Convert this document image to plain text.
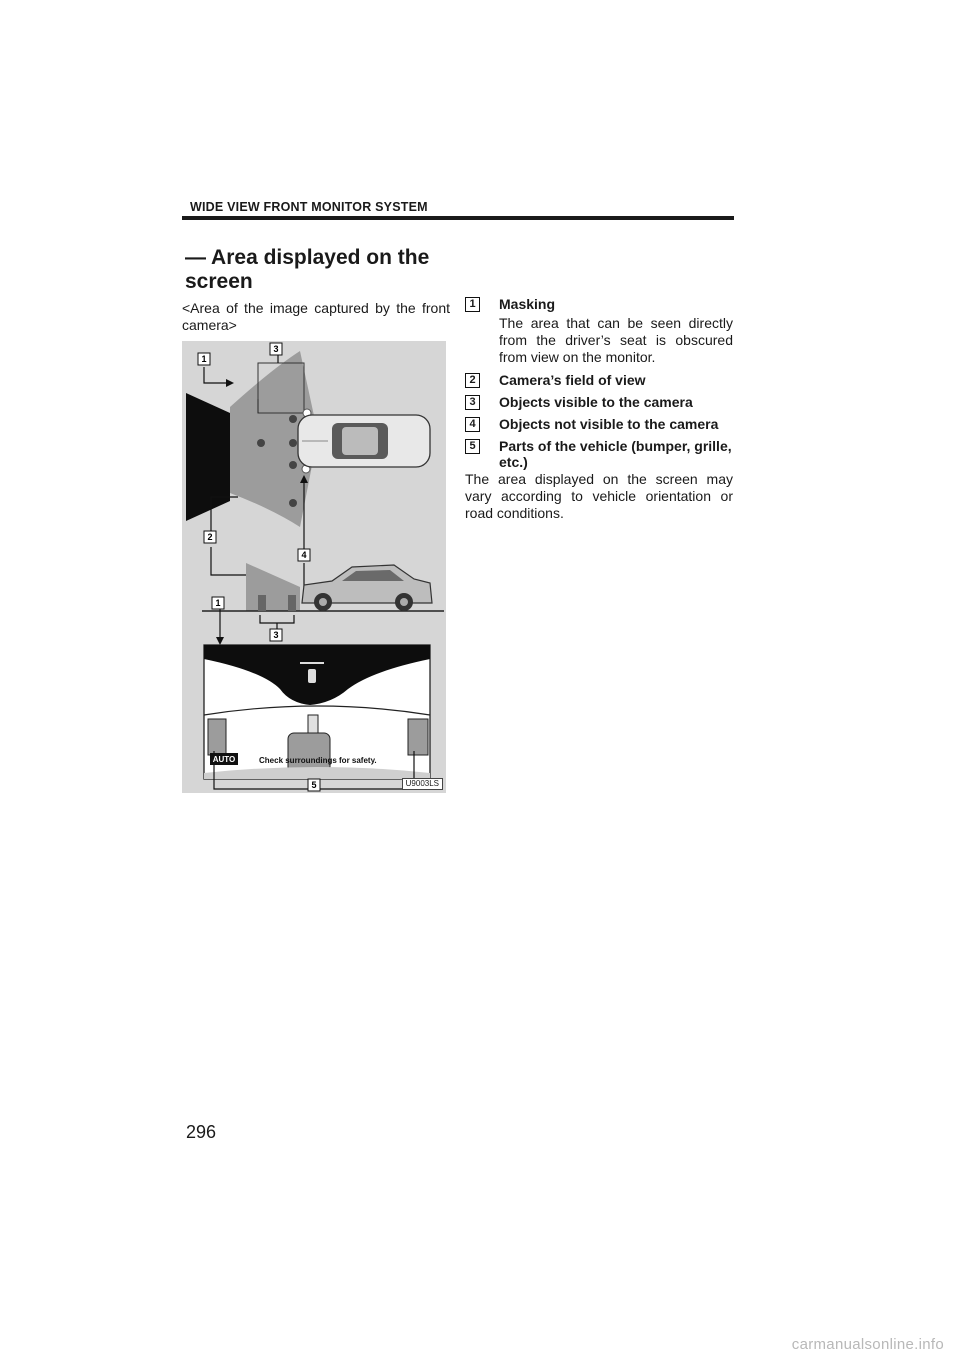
WIDE VIEW FRONT MONITOR SYSTEM
— Area displayed on the screen
<Area of the image captured by the front camera>
AUTO	Check surroundings for safety.
1
3
2
4
1
3
5	U9003LS
1	Masking
The area that can be seen directly from the driver’s seat is obscured from view on the monitor.
2	Camera’s field of view
3	Objects visible to the camera
4	Objects not visible to the camera
5	Parts of the vehicle (bumper, grille, etc.)
The area displayed on the screen may vary according to vehicle orientation or road conditions.
296
carmanualsonline.info
